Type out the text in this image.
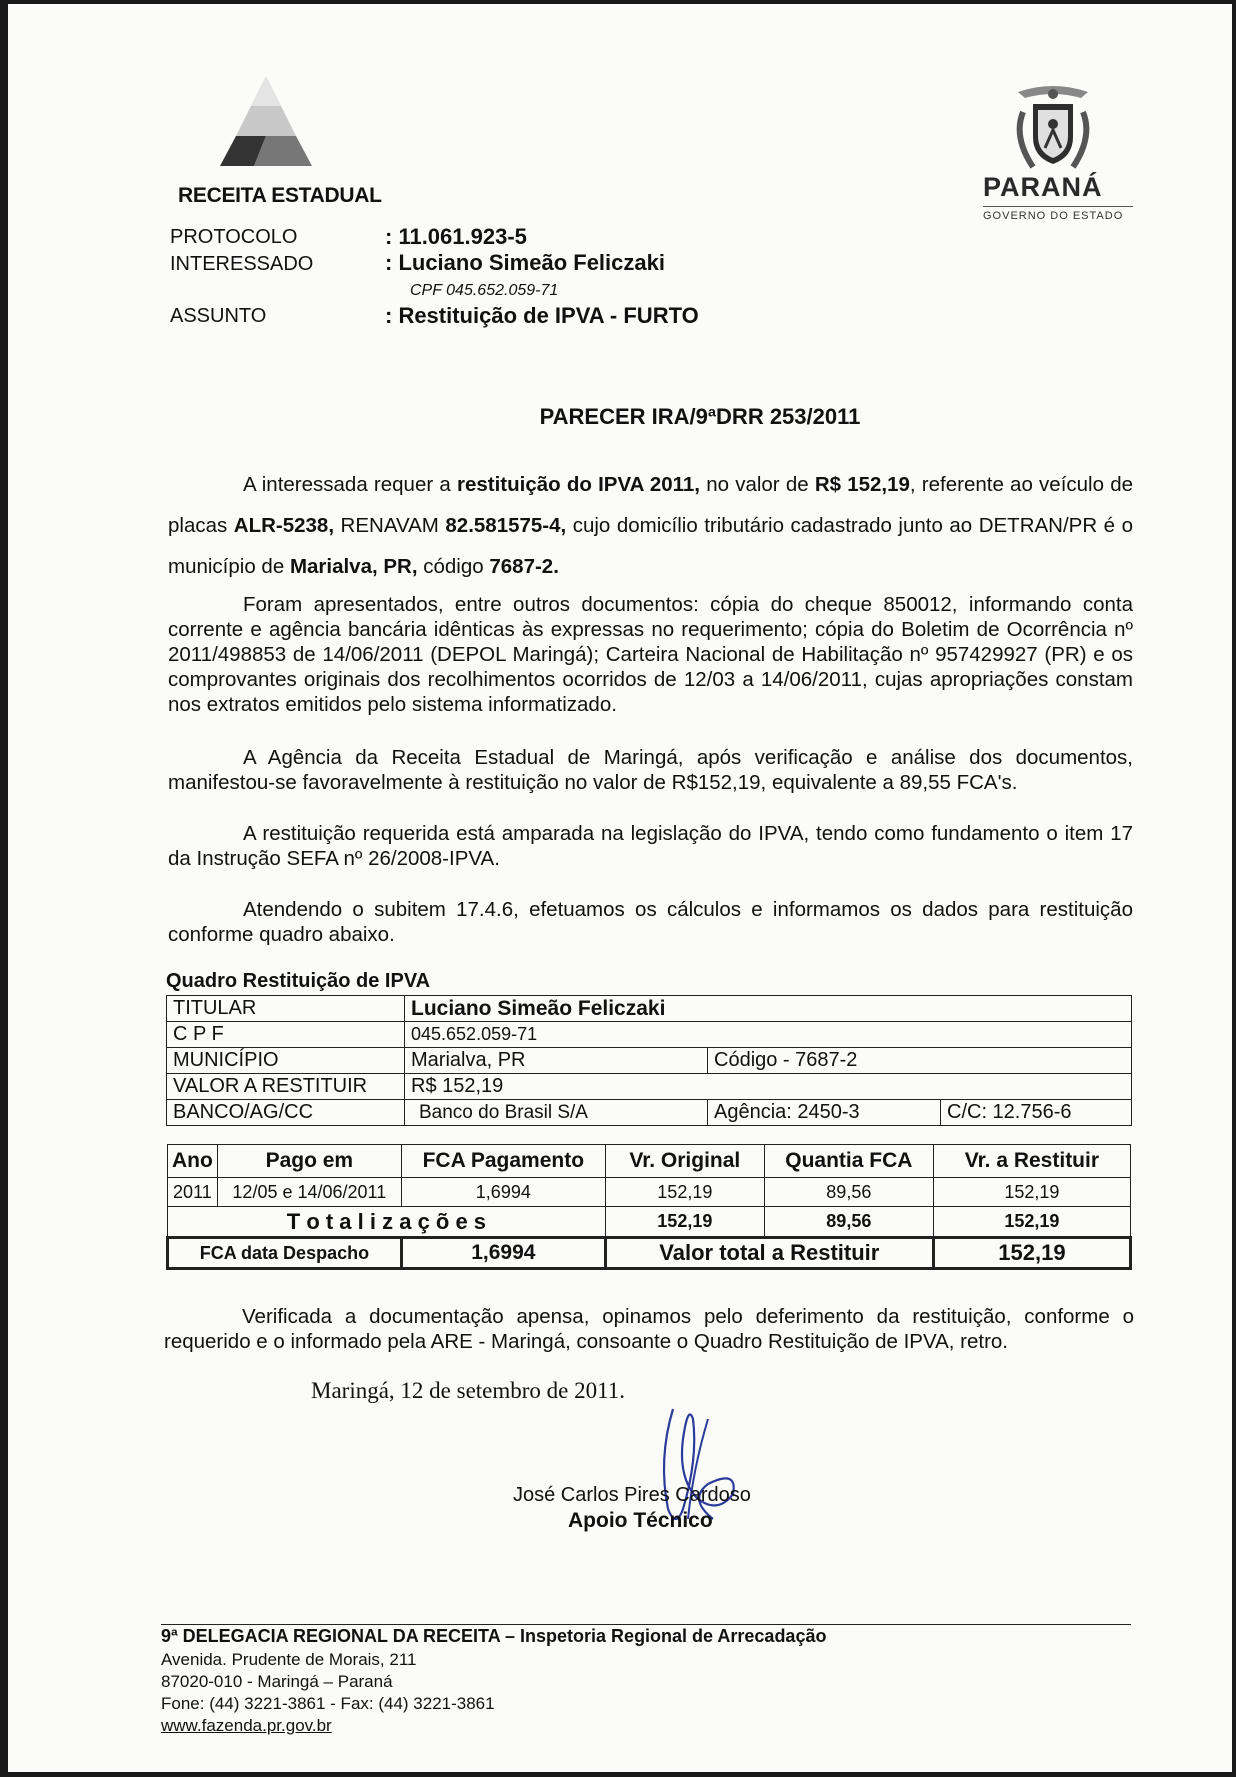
RECEITA ESTADUAL	PARANÁ
GOVERNO DO ESTADO
PROTOCOLO	: 11.061.923-5
INTERESSADO	: Luciano Simeão Feliczaki
CPF 045.652.059-71
ASSUNTO	: Restituição de IPVA - FURTO
PARECER IRA/9ªDRR 253/2011
A interessada requer a restituição do IPVA 2011, no valor de R$ 152,19, referente ao veículo de placas ALR-5238, RENAVAM 82.581575-4, cujo domicílio tributário cadastrado junto ao DETRAN/PR é o município de Marialva, PR, código 7687-2.
Foram apresentados, entre outros documentos: cópia do cheque 850012, informando conta corrente e agência bancária idênticas às expressas no requerimento; cópia do Boletim de Ocorrência nº 2011/498853 de 14/06/2011 (DEPOL Maringá); Carteira Nacional de Habilitação nº 957429927 (PR) e os comprovantes originais dos recolhimentos ocorridos de 12/03 a 14/06/2011, cujas apropriações constam nos extratos emitidos pelo sistema informatizado.
A Agência da Receita Estadual de Maringá, após verificação e análise dos documentos, manifestou-se favoravelmente à restituição no valor de R$152,19, equivalente a 89,55 FCA's.
A restituição requerida está amparada na legislação do IPVA, tendo como fundamento o item 17 da Instrução SEFA nº 26/2008-IPVA.
Atendendo o subitem 17.4.6, efetuamos os cálculos e informamos os dados para restituição conforme quadro abaixo.
Quadro Restituição de IPVA
TITULAR	Luciano Simeão Feliczaki		
C P F	045.652.059-71		
MUNICÍPIO	Marialva, PR	Código - 7687-2	
VALOR A RESTITUIR	R$ 152,19		
BANCO/AG/CC	Banco do Brasil S/A	Agência: 2450-3	C/C: 12.756-6
Ano	Pago em	FCA Pagamento	Vr. Original	Quantia FCA	Vr. a Restituir
2011	12/05 e 14/06/2011	1,6994	152,19	89,56	152,19
T o t a l i z a ç õ e s			152,19	89,56	152,19
FCA data Despacho		1,6994	Valor total a Restituir		152,19
Verificada a documentação apensa, opinamos pelo deferimento da restituição, conforme o requerido e o informado pela ARE - Maringá, consoante o Quadro Restituição de IPVA, retro.
Maringá, 12 de setembro de 2011.
José Carlos Pires Cardoso
Apoio Técnico
9ª DELEGACIA REGIONAL DA RECEITA – Inspetoria Regional de Arrecadação
Avenida. Prudente de Morais, 211
87020-010 - Maringá – Paraná
Fone: (44) 3221-3861 - Fax: (44) 3221-3861
www.fazenda.pr.gov.br
